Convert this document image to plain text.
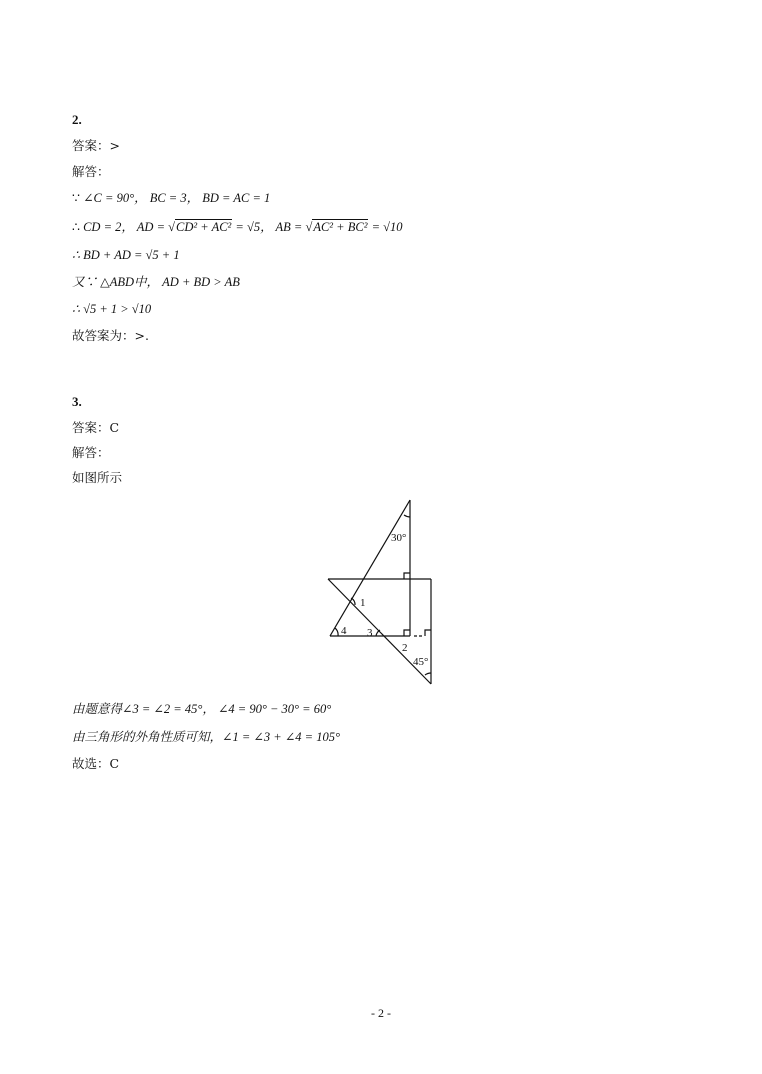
2.
答案：>
解答：
∵ ∠C = 90°， BC = 3， BD = AC = 1
∴ CD = 2， AD = √CD² + AC² = √5， AB = √AC² + BC² = √10
∴ BD + AD = √5 + 1
又∵ △ABD中， AD + BD > AB
∴ √5 + 1 > √10
故答案为：>.
3.
答案：C
解答：
如图所示
30°
45°
1
2
3
4
由题意得∠3 = ∠2 = 45°， ∠4 = 90° − 30° = 60°
由三角形的外角性质可知，∠1 = ∠3 + ∠4 = 105°
故选：C
- 2 -
